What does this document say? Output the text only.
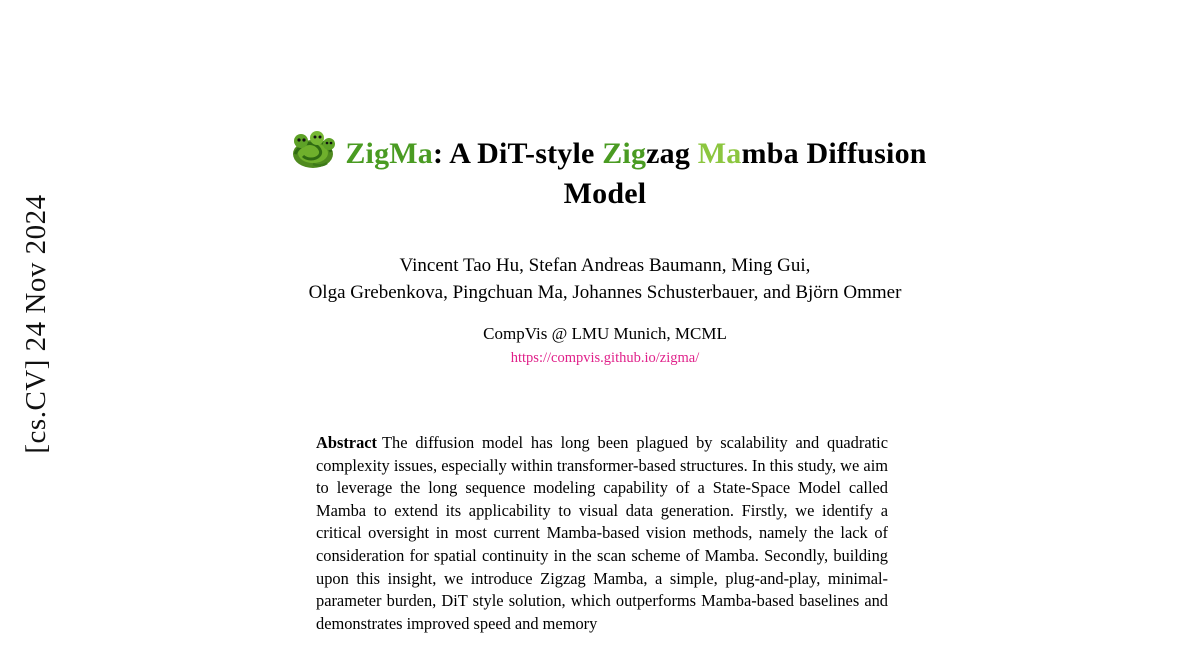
[cs.CV] 24 Nov 2024
ZigMa: A DiT-style Zigzag Mamba Diffusion
Model
Vincent Tao Hu, Stefan Andreas Baumann, Ming Gui,
Olga Grebenkova, Pingchuan Ma, Johannes Schusterbauer, and Björn Ommer
CompVis @ LMU Munich, MCML
https://compvis.github.io/zigma/
Abstract The diffusion model has long been plagued by scalability and quadratic complexity issues, especially within transformer-based structures. In this study, we aim to leverage the long sequence modeling capability of a State-Space Model called Mamba to extend its applicability to visual data generation. Firstly, we identify a critical oversight in most current Mamba-based vision methods, namely the lack of consideration for spatial continuity in the scan scheme of Mamba. Secondly, building upon this insight, we introduce Zigzag Mamba, a simple, plug-and-play, minimal-parameter burden, DiT style solution, which outperforms Mamba-based baselines and demonstrates improved speed and memory
